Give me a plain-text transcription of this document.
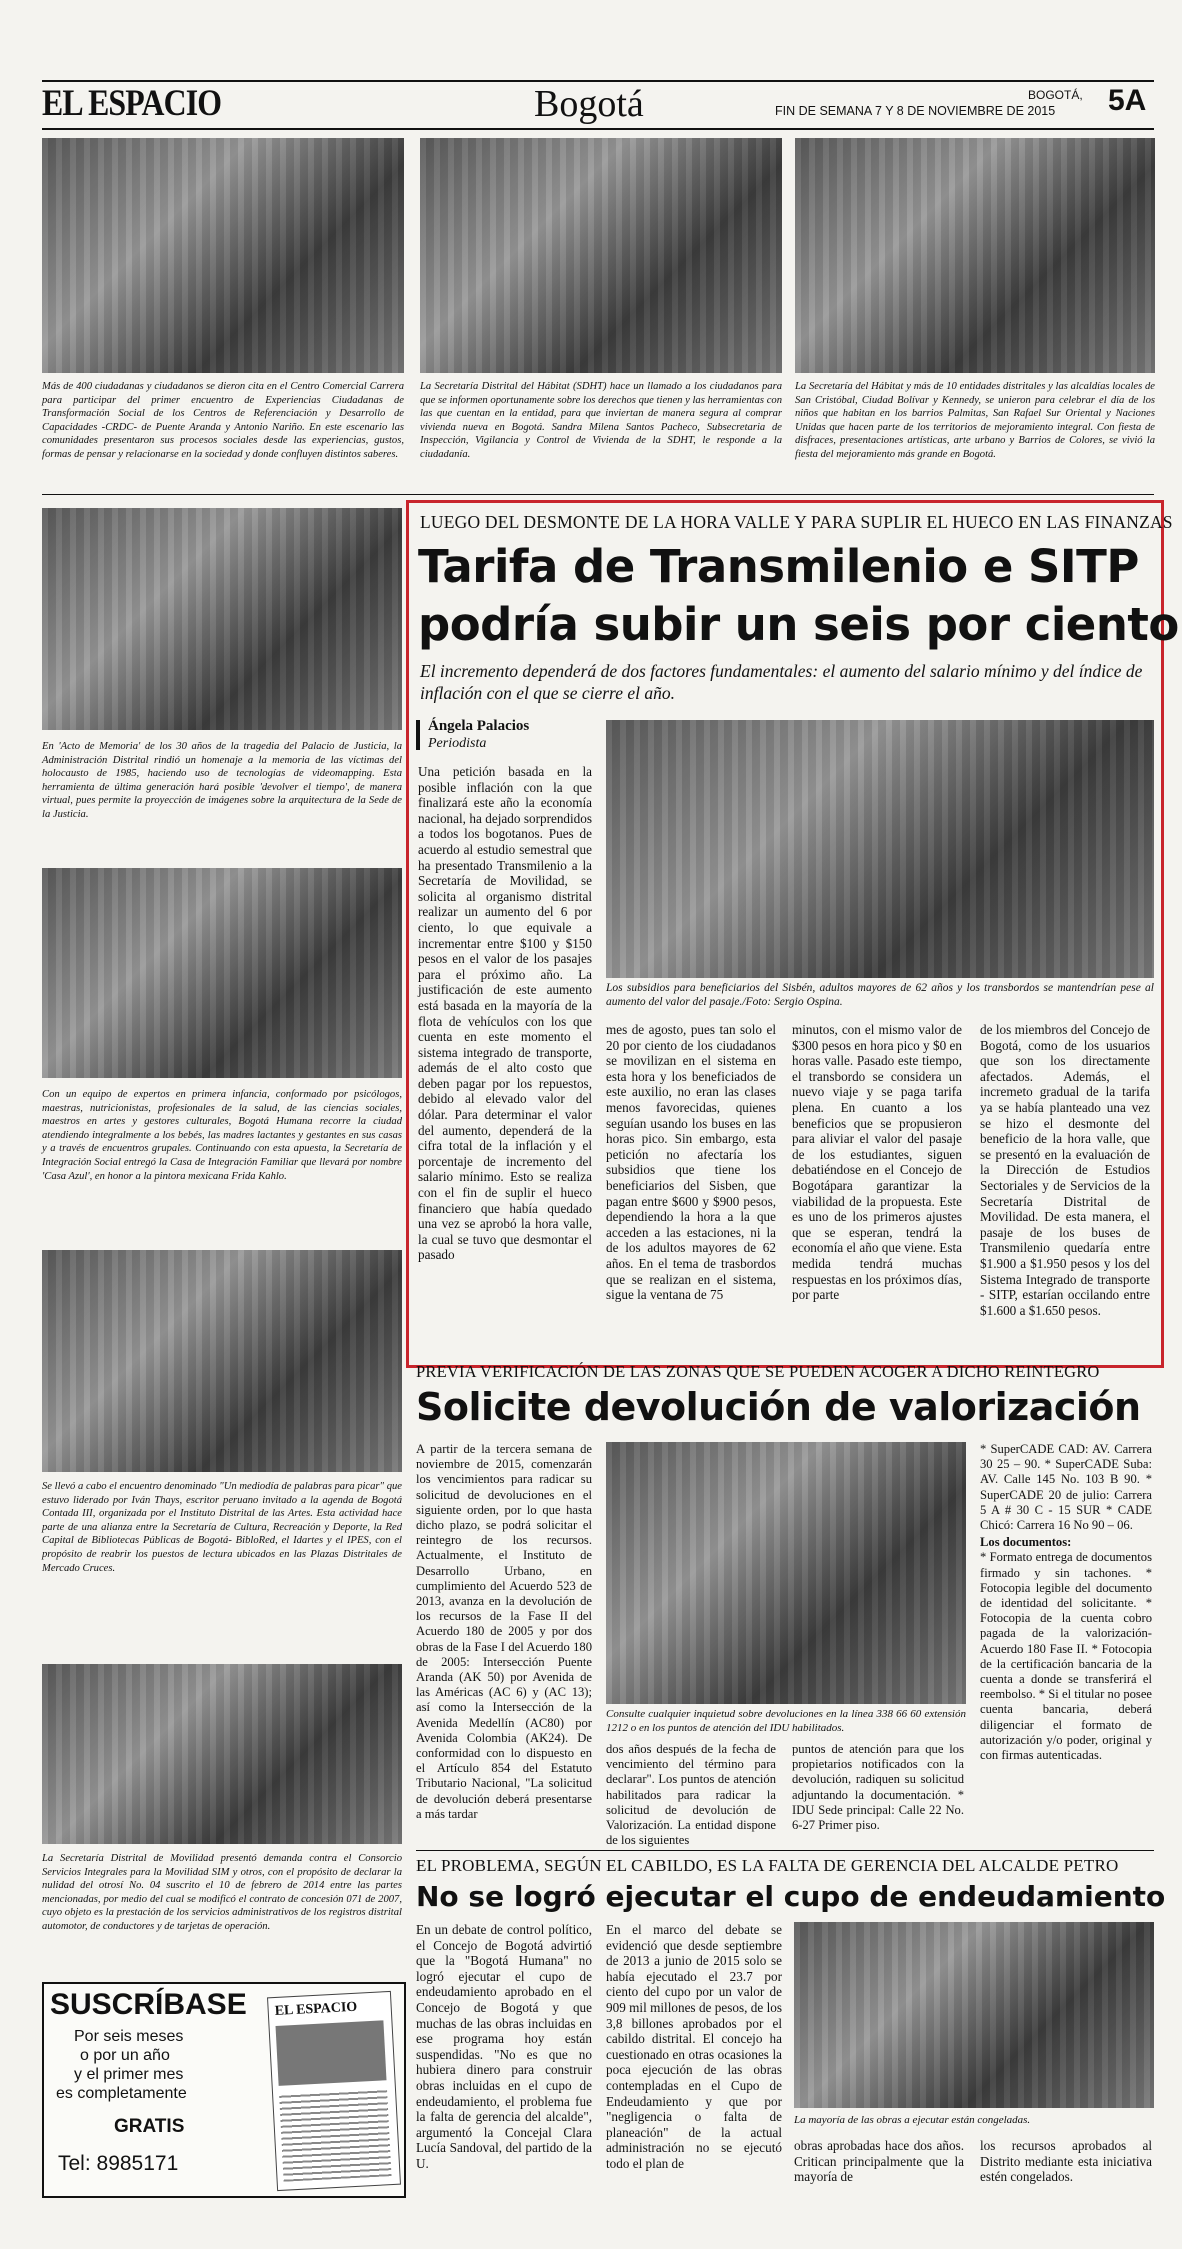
EL ESPACIO	Bogotá	BOGOTÁ,
FIN DE SEMANA 7 Y 8 DE NOVIEMBRE DE 2015 5A

Más de 400 ciudadanas y ciudadanos se dieron cita en el Centro Comercial Carrera para participar del primer encuentro de Experiencias Ciudadanas de Transformación Social de los Centros de Referenciación y Desarrollo de Capacidades -CRDC- de Puente Aranda y Antonio Nariño. En este escenario las comunidades presentaron sus procesos sociales desde las experiencias, gustos, formas de pensar y relacionarse en la sociedad y donde confluyen distintos saberes.

La Secretaría Distrital del Hábitat (SDHT) hace un llamado a los ciudadanos para que se informen oportunamente sobre los derechos que tienen y las herramientas con las que cuentan en la entidad, para que inviertan de manera segura al comprar vivienda nueva en Bogotá. Sandra Milena Santos Pacheco, Subsecretaria de Inspección, Vigilancia y Control de Vivienda de la SDHT, le responde a la ciudadanía.

La Secretaría del Hábitat y más de 10 entidades distritales y las alcaldías locales de San Cristóbal, Ciudad Bolívar y Kennedy, se unieron para celebrar el día de los niños que habitan en los barrios Palmitas, San Rafael Sur Oriental y Naciones Unidas que hacen parte de los territorios de mejoramiento integral. Con fiesta de disfraces, presentaciones artísticas, arte urbano y Barrios de Colores, se vivió la fiesta del mejoramiento más grande en Bogotá.

En 'Acto de Memoria' de los 30 años de la tragedia del Palacio de Justicia, la Administración Distrital rindió un homenaje a la memoria de las víctimas del holocausto de 1985, haciendo uso de tecnologías de videomapping. Esta herramienta de última generación hará posible 'devolver el tiempo', de manera virtual, pues permite la proyección de imágenes sobre la arquitectura de la Sede de la Justicia.

Con un equipo de expertos en primera infancia, conformado por psicólogos, maestras, nutricionistas, profesionales de la salud, de las ciencias sociales, maestros en artes y gestores culturales, Bogotá Humana recorre la ciudad atendiendo integralmente a los bebés, las madres lactantes y gestantes en sus casas y a través de encuentros grupales. Continuando con esta apuesta, la Secretaría de Integración Social entregó la Casa de Integración Familiar que llevará por nombre 'Casa Azul', en honor a la pintora mexicana Frida Kahlo.

Se llevó a cabo el encuentro denominado "Un mediodía de palabras para picar" que estuvo liderado por Iván Thays, escritor peruano invitado a la agenda de Bogotá Contada III, organizada por el Instituto Distrital de las Artes. Esta actividad hace parte de una alianza entre la Secretaría de Cultura, Recreación y Deporte, la Red Capital de Bibliotecas Públicas de Bogotá- BibloRed, el Idartes y el IPES, con el propósito de reabrir los puestos de lectura ubicados en las Plazas Distritales de Mercado Cruces.

La Secretaría Distrital de Movilidad presentó demanda contra el Consorcio Servicios Integrales para la Movilidad SIM y otros, con el propósito de declarar la nulidad del otrosí No. 04 suscrito el 10 de febrero de 2014 entre las partes mencionadas, por medio del cual se modificó el contrato de concesión 071 de 2007, cuyo objeto es la prestación de los servicios administrativos de los registros distrital automotor, de conductores y de tarjetas de operación.

SUSCRÍBASE
Por seis meses
o por un año
y el primer mes
es completamente
GRATIS
Tel: 8985171
EL ESPACIO
LUEGO DEL DESMONTE DE LA HORA VALLE Y PARA SUPLIR EL HUECO EN LAS FINANZAS
Tarifa de Transmilenio e SITP
podría subir un seis por ciento
El incremento dependerá de dos factores fundamentales: el aumento del salario mínimo y del índice de inflación con el que se cierre el año.
Ángela Palacios
Periodista

Los subsidios para beneficiarios del Sisbén, adultos mayores de 62 años y los transbordos se mantendrían pese al aumento del valor del pasaje./Foto: Sergio Ospina.

Una petición basada en la posible inflación con la que finalizará este año la economía nacional, ha dejado sorprendidos a todos los bogotanos. Pues de acuerdo al estudio semestral que ha presentado Transmilenio a la Secretaría de Movilidad, se solicita al organismo distrital realizar un aumento del 6 por ciento, lo que equivale a incrementar entre $100 y $150 pesos en el valor de los pasajes para el próximo año. La justificación de este aumento está basada en la mayoría de la flota de vehículos con los que cuenta en este momento el sistema integrado de transporte, además de el alto costo que deben pagar por los repuestos, debido al elevado valor del dólar. Para determinar el valor del aumento, dependerá de la cifra total de la inflación y el porcentaje de incremento del salario mínimo. Esto se realiza con el fin de suplir el hueco financiero que había quedado una vez se aprobó la hora valle, la cual se tuvo que desmontar el pasado

mes de agosto, pues tan solo el 20 por ciento de los ciudadanos se movilizan en el sistema en esta hora y los beneficiados de este auxilio, no eran las clases menos favorecidas, quienes seguían usando los buses en las horas pico. Sin embargo, esta petición no afectaría los subsidios que tiene los beneficiarios del Sisben, que pagan entre $600 y $900 pesos, dependiendo la hora a la que acceden a las estaciones, ni la de los adultos mayores de 62 años. En el tema de trasbordos que se realizan en el sistema, sigue la ventana de 75

minutos, con el mismo valor de $300 pesos en hora pico y $0 en horas valle. Pasado este tiempo, el transbordo se considera un nuevo viaje y se paga tarifa plena. En cuanto a los beneficios que se propusieron para aliviar el valor del pasaje de los estudiantes, siguen debatiéndose en el Concejo de Bogotápara garantizar la viabilidad de la propuesta. Este es uno de los primeros ajustes que se esperan, tendrá la economía el año que viene. Esta medida tendrá muchas respuestas en los próximos días, por parte

de los miembros del Concejo de Bogotá, como de los usuarios que son los directamente afectados. Además, el incremeto gradual de la tarifa ya se había planteado una vez se hizo el desmonte del beneficio de la hora valle, que se presentó en la evaluación de la Dirección de Estudios Sectoriales y de Servicios de la Secretaría Distrital de Movilidad. De esta manera, el pasaje de los buses de Transmilenio quedaría entre $1.900 a $1.950 pesos y los del Sistema Integrado de transporte - SITP, estarían occilando entre $1.600 a $1.650 pesos.

PREVIA VERIFICACIÓN DE LAS ZONAS QUE SE PUEDEN ACOGER A DICHO REINTEGRO
Solicite devolución de valorización

A partir de la tercera semana de noviembre de 2015, comenzarán los vencimientos para radicar su solicitud de devoluciones en el siguiente orden, por lo que hasta dicho plazo, se podrá solicitar el reintegro de los recursos. Actualmente, el Instituto de Desarrollo Urbano, en cumplimiento del Acuerdo 523 de 2013, avanza en la devolución de los recursos de la Fase II del Acuerdo 180 de 2005 y por dos obras de la Fase I del Acuerdo 180 de 2005: Intersección Puente Aranda (AK 50) por Avenida de las Américas (AC 6) y (AC 13); así como la Intersección de la Avenida Medellín (AC80) por Avenida Colombia (AK24). De conformidad con lo dispuesto en el Artículo 854 del Estatuto Tributario Nacional, "La solicitud de devolución deberá presentarse a más tardar

Consulte cualquier inquietud sobre devoluciones en la línea 338 66 60 extensión 1212 o en los puntos de atención del IDU habilitados.

dos años después de la fecha de vencimiento del término para declarar". Los puntos de atención habilitados para radicar la solicitud de devolución de Valorización. La entidad dispone de los siguientes

puntos de atención para que los propietarios notificados con la devolución, radiquen su solicitud adjuntando la documentación. * IDU Sede principal: Calle 22 No. 6-27 Primer piso.

* SuperCADE CAD: AV. Carrera 30 25 – 90. * SuperCADE Suba: AV. Calle 145 No. 103 B 90. * SuperCADE 20 de julio: Carrera 5 A # 30 C - 15 SUR * CADE Chicó: Carrera 16 No 90 – 06.

Los documentos:

* Formato entrega de documentos firmado y sin tachones. * Fotocopia legible del documento de identidad del solicitante. * Fotocopia de la cuenta cobro pagada de la valorización- Acuerdo 180 Fase II. * Fotocopia de la certificación bancaria de la cuenta a donde se transferirá el reembolso. * Si el titular no posee cuenta bancaria, deberá diligenciar el formato de autorización y/o poder, original y con firmas autenticadas.

EL PROBLEMA, SEGÚN EL CABILDO, ES LA FALTA DE GERENCIA DEL ALCALDE PETRO
No se logró ejecutar el cupo de endeudamiento

En un debate de control político, el Concejo de Bogotá advirtió que la "Bogotá Humana" no logró ejecutar el cupo de endeudamiento aprobado en el Concejo de Bogotá y que muchas de las obras incluidas en ese programa hoy están suspendidas. "No es que no hubiera dinero para construir obras incluidas en el cupo de endeudamiento, el problema fue la falta de gerencia del alcalde", argumentó la Concejal Clara Lucía Sandoval, del partido de la U.

En el marco del debate se evidenció que desde septiembre de 2013 a junio de 2015 solo se había ejecutado el 23.7 por ciento del cupo por un valor de 909 mil millones de pesos, de los 3,8 billones aprobados por el cabildo distrital. El concejo ha cuestionado en otras ocasiones la poca ejecución de las obras contempladas en el Cupo de Endeudamiento y que por "negligencia o falta de planeación" de la actual administración no se ejecutó todo el plan de

La mayoría de las obras a ejecutar están congeladas.

obras aprobadas hace dos años. Critican principalmente que la mayoría de

los recursos aprobados al Distrito mediante esta iniciativa estén congelados.
